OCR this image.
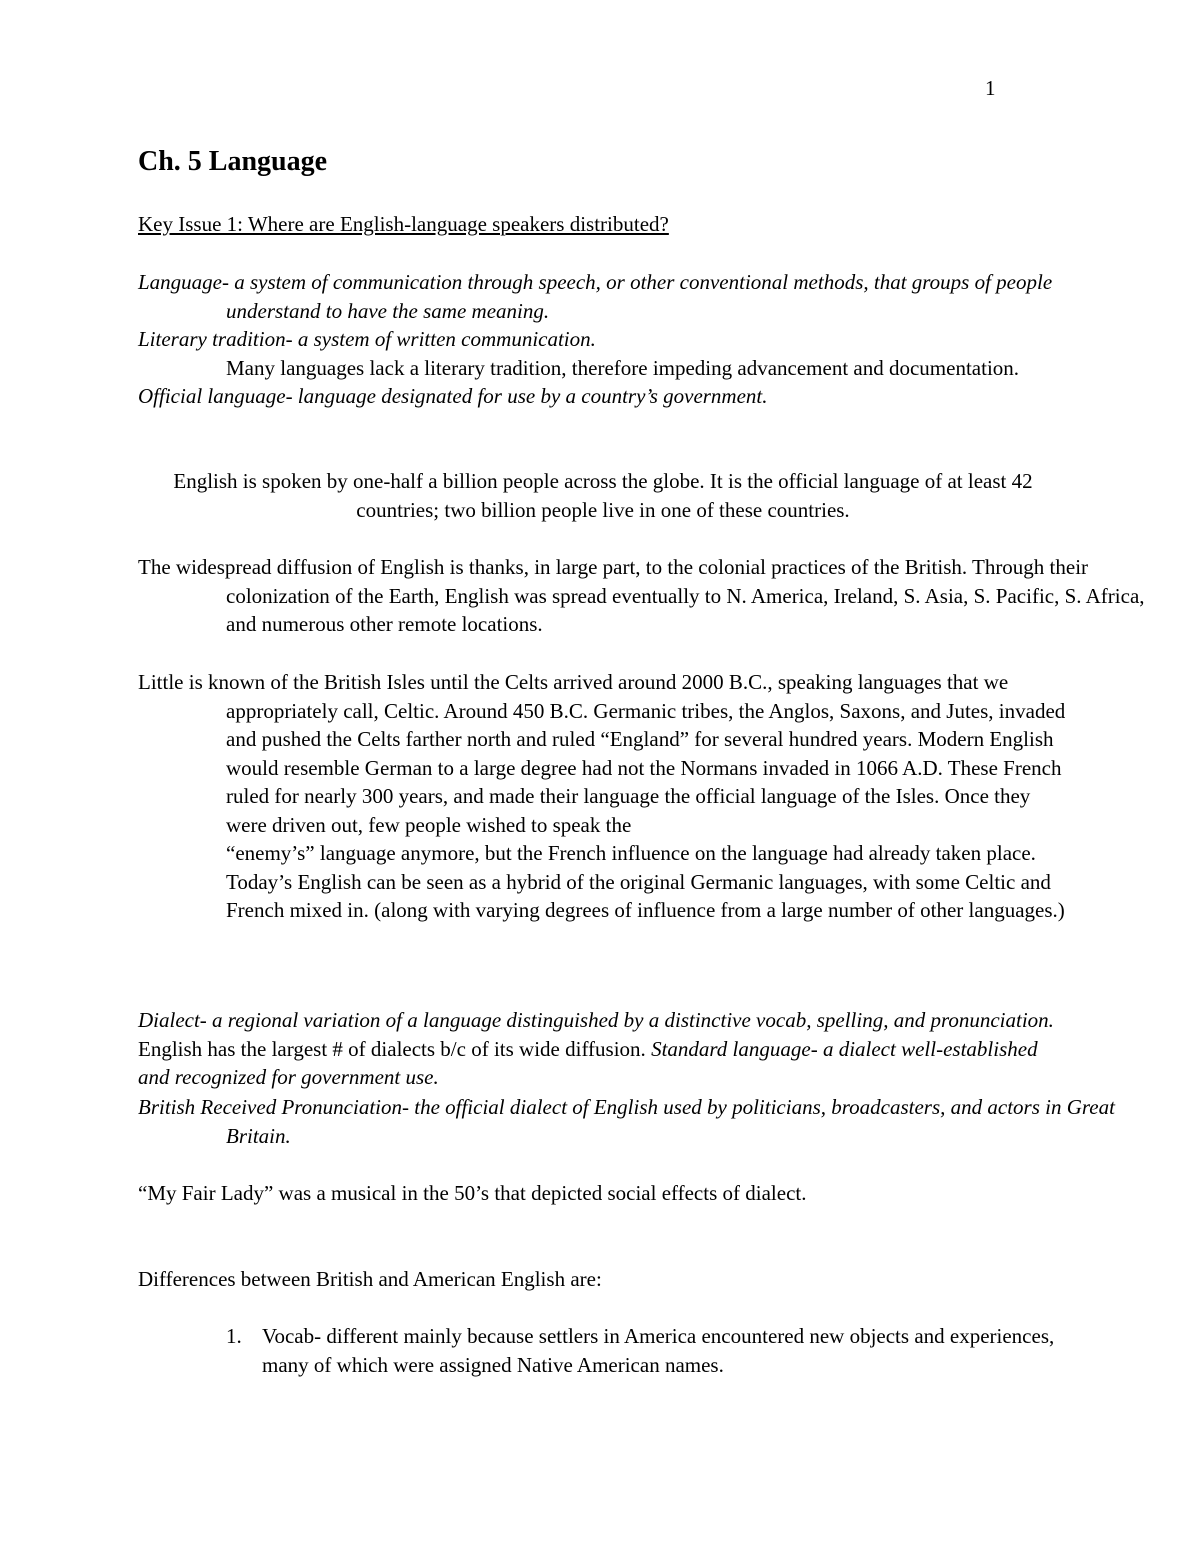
1
Ch. 5 Language
Key Issue 1: Where are English-language speakers distributed?
Language- a system of communication through speech, or other conventional methods, that groups of people understand to have the same meaning.
Literary tradition- a system of written communication.
Many languages lack a literary tradition, therefore impeding advancement and documentation.
Official language- language designated for use by a country’s government.
English is spoken by one-half a billion people across the globe. It is the official language of at least 42 countries; two billion people live in one of these countries.
The widespread diffusion of English is thanks, in large part, to the colonial practices of the British. Through their colonization of the Earth, English was spread eventually to N. America, Ireland, S. Asia, S. Pacific, S. Africa, and numerous other remote locations.
Little is known of the British Isles until the Celts arrived around 2000 B.C., speaking languages that we appropriately call, Celtic. Around 450 B.C. Germanic tribes, the Anglos, Saxons, and Jutes, invaded and pushed the Celts farther north and ruled “England” for several hundred years. Modern English would resemble German to a large degree had not the Normans invaded in 1066 A.D. These French ruled for nearly 300 years, and made their language the official language of the Isles. Once they were driven out, few people wished to speak the
“enemy’s” language anymore, but the French influence on the language had already taken place. Today’s English can be seen as a hybrid of the original Germanic languages, with some Celtic and French mixed in. (along with varying degrees of influence from a large number of other languages.)
Dialect- a regional variation of a language distinguished by a distinctive vocab, spelling, and pronunciation. English has the largest # of dialects b/c of its wide diffusion. Standard language- a dialect well-established and recognized for government use.
British Received Pronunciation- the official dialect of English used by politicians, broadcasters, and actors in Great Britain.
“My Fair Lady” was a musical in the 50’s that depicted social effects of dialect.
Differences between British and American English are:
1. Vocab- different mainly because settlers in America encountered new objects and experiences, many of which were assigned Native American names.
